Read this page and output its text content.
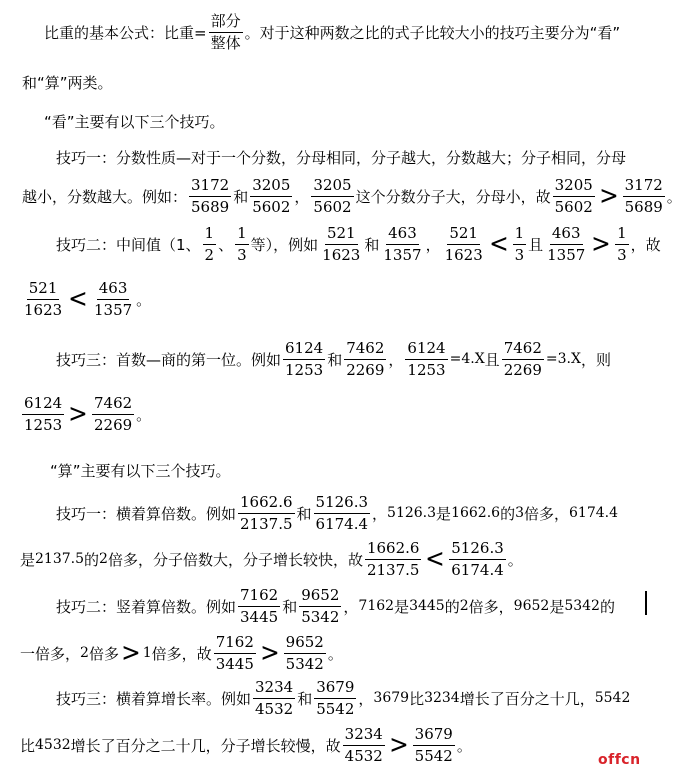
比重的基本公式：比重= $\frac{\text{部分}}{\text{整体}}$ 。对于这种两数之比的式子比较大小的技巧主要分为“看”
和“算”两类。
“看”主要有以下三个技巧。
技巧一：分数性质—对于一个分数，分母相同，分子越大，分数越大；分子相同，分母
越小，分数越大。例如： $\frac{3172}{5689}$ 和 $\frac{3205}{5602}$ ， $\frac{3205}{5602}$ 这个分数分子大，分母小，故 $\frac{3205}{5602} > \frac{3172}{5689}$ 。
技巧二：中间值（1、 $\frac{1}{2}$ 、 $\frac{1}{3}$ 等），例如 $\frac{521}{1623}$ 和 $\frac{463}{1357}$ ， $\frac{521}{1623} < \frac{1}{3}$ 且 $\frac{463}{1357} > \frac{1}{3}$ ，故
$\frac{521}{1623} < \frac{463}{1357}$ 。
技巧三：首数—商的第一位。例如 $\frac{6124}{1253}$ 和 $\frac{7462}{2269}$ ， $\frac{6124}{1253} =4.X$ 且 $\frac{7462}{2269} =3.X$ ，则
$\frac{6124}{1253} > \frac{7462}{2269}$ 。
“算”主要有以下三个技巧。
技巧一：横着算倍数。例如 $\frac{1662.6}{2137.5}$ 和 $\frac{5126.3}{6174.4}$ ， 5126.3 是 1662.6 的 3 倍多， 6174.4
是 2137.5 的 2 倍多，分子倍数大，分子增长较快，故 $\frac{1662.6}{2137.5} < \frac{5126.3}{6174.4}$ 。
技巧二：竖着算倍数。例如 $\frac{7162}{3445}$ 和 $\frac{9652}{5342}$ ， 7162 是 3445 的 2 倍多， 9652 是 5342 的
一倍多， 2 倍多 > 1 倍多，故 $\frac{7162}{3445} > \frac{9652}{5342}$ 。
技巧三：横着算增长率。例如 $\frac{3234}{4532}$ 和 $\frac{3679}{5542}$ ， 3679 比 3234 增长了百分之十几， 5542
比 4532 增长了百分之二十几，分子增长较慢，故 $\frac{3234}{4532} > \frac{3679}{5542}$ 。
offcn
